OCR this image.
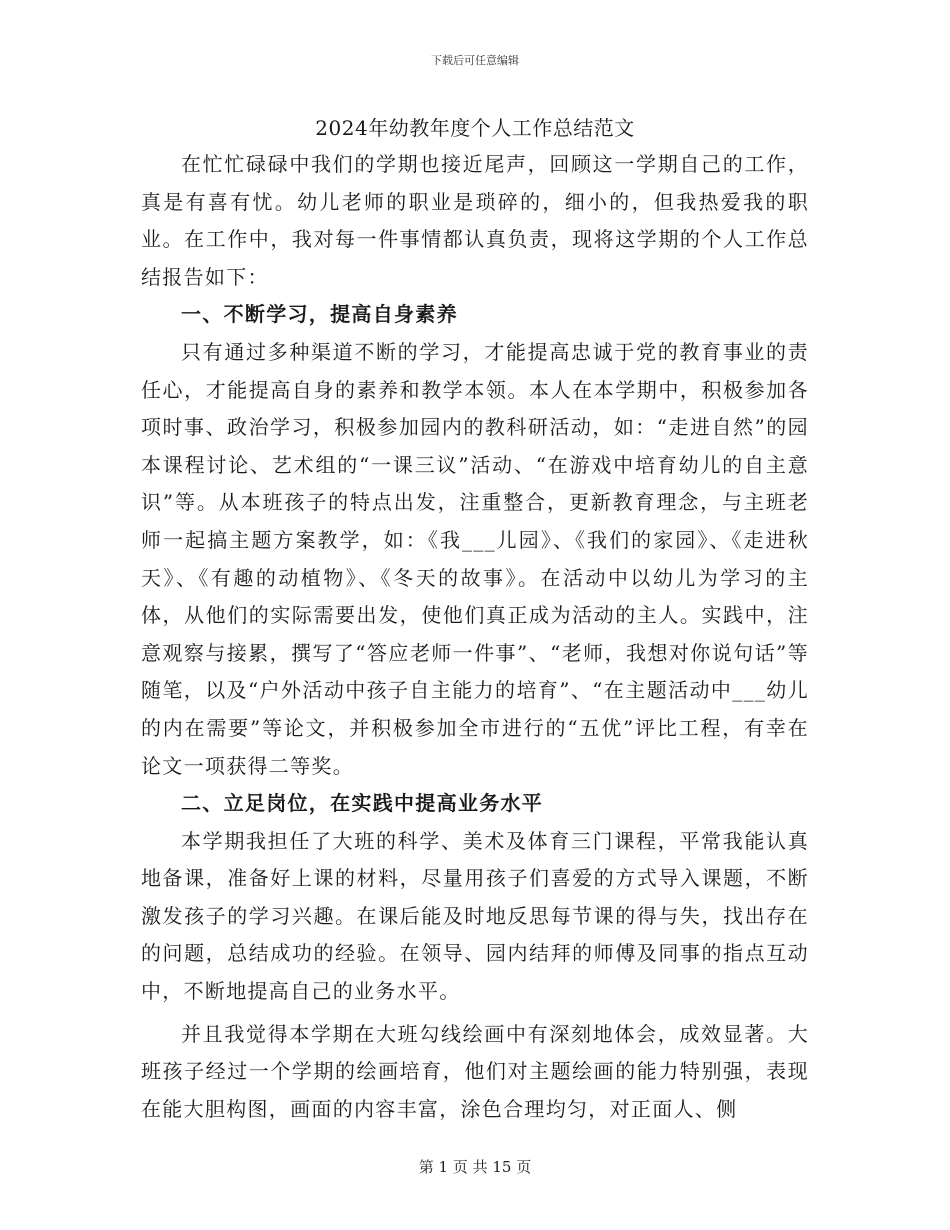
下载后可任意编辑
2024年幼教年度个人工作总结范文

在忙忙碌碌中我们的学期也接近尾声，回顾这一学期自己的工作，真是有喜有忧。幼儿老师的职业是琐碎的，细小的，但我热爱我的职业。在工作中，我对每一件事情都认真负责，现将这学期的个人工作总结报告如下：

一、不断学习，提高自身素养

只有通过多种渠道不断的学习，才能提高忠诚于党的教育事业的责任心，才能提高自身的素养和教学本领。本人在本学期中，积极参加各项时事、政治学习，积极参加园内的教科研活动，如：“走进自然”的园本课程讨论、艺术组的“一课三议”活动、“在游戏中培育幼儿的自主意识”等。从本班孩子的特点出发，注重整合，更新教育理念，与主班老师一起搞主题方案教学，如：《我___儿园》、《我们的家园》、《走进秋天》、《有趣的动植物》、《冬天的故事》。在活动中以幼儿为学习的主体，从他们的实际需要出发，使他们真正成为活动的主人。实践中，注意观察与接累，撰写了“答应老师一件事”、“老师，我想对你说句话”等随笔，以及“户外活动中孩子自主能力的培育”、“在主题活动中___幼儿的内在需要”等论文，并积极参加全市进行的“五优”评比工程，有幸在论文一项获得二等奖。

二、立足岗位，在实践中提高业务水平

本学期我担任了大班的科学、美术及体育三门课程，平常我能认真地备课，准备好上课的材料，尽量用孩子们喜爱的方式导入课题，不断激发孩子的学习兴趣。在课后能及时地反思每节课的得与失，找出存在的问题，总结成功的经验。在领导、园内结拜的师傅及同事的指点互动中，不断地提高自己的业务水平。

并且我觉得本学期在大班勾线绘画中有深刻地体会，成效显著。大班孩子经过一个学期的绘画培育，他们对主题绘画的能力特别强，表现在能大胆构图，画面的内容丰富，涂色合理均匀，对正面人、侧

第 1 页 共 15 页
